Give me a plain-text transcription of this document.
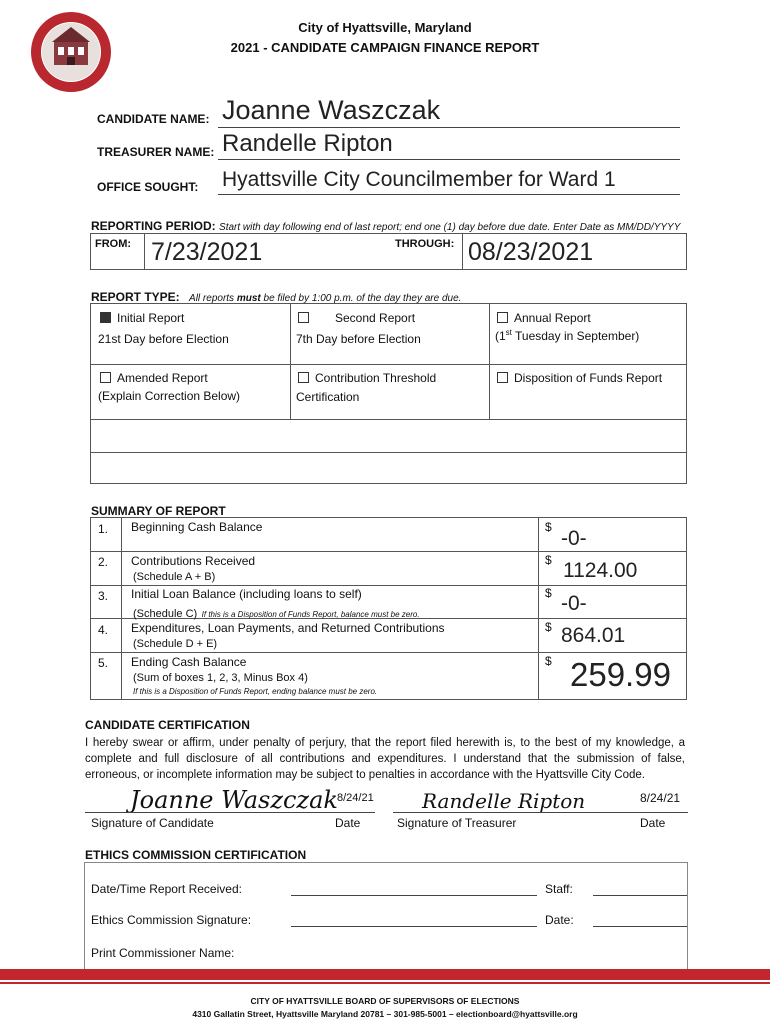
City of Hyattsville, Maryland
2021 - CANDIDATE CAMPAIGN FINANCE REPORT
CANDIDATE NAME: Joanne Waszczak
TREASURER NAME: Randelle Ripton
OFFICE SOUGHT: Hyattsville City Councilmember for Ward 1
REPORTING PERIOD: Start with day following end of last report; end one (1) day before due date. Enter Date as MM/DD/YYYY
FROM: 7/23/2021	THROUGH: 08/23/2021
REPORT TYPE: All reports must be filed by 1:00 p.m. of the day they are due.
Initial Report
21st Day before Election
Second Report
7th Day before Election
Annual Report
(1st Tuesday in September)
Amended Report
(Explain Correction Below)
Contribution Threshold
Certification
Disposition of Funds Report
SUMMARY OF REPORT
1. Beginning Cash Balance	$ -0-
2. Contributions Received
(Schedule A + B)
$ 1124.00
3. Initial Loan Balance (including loans to self)
(Schedule C) If this is a Disposition of Funds Report, balance must be zero.
$ -0-
4. Expenditures, Loan Payments, and Returned Contributions
(Schedule D + E)
$ 864.01
5. Ending Cash Balance
(Sum of boxes 1, 2, 3, Minus Box 4)
If this is a Disposition of Funds Report, ending balance must be zero.
$ 259.99
CANDIDATE CERTIFICATION
I hereby swear or affirm, under penalty of perjury, that the report filed herewith is, to the best of my knowledge, a complete and full disclosure of all contributions and expenditures. I understand that the submission of false, erroneous, or incomplete information may be subject to penalties in accordance with the Hyattsville City Code.
Joanne Waszczak 8/24/21 Randelle Ripton	8/24/21
Signature of Candidate	Date	Signature of Treasurer	Date
ETHICS COMMISSION CERTIFICATION
Date/Time Report Received:	Staff:
Ethics Commission Signature:	Date:
Print Commissioner Name:
CITY OF HYATTSVILLE BOARD OF SUPERVISORS OF ELECTIONS
4310 Gallatin Street, Hyattsville Maryland 20781 – 301-985-5001 – electionboard@hyattsville.org
